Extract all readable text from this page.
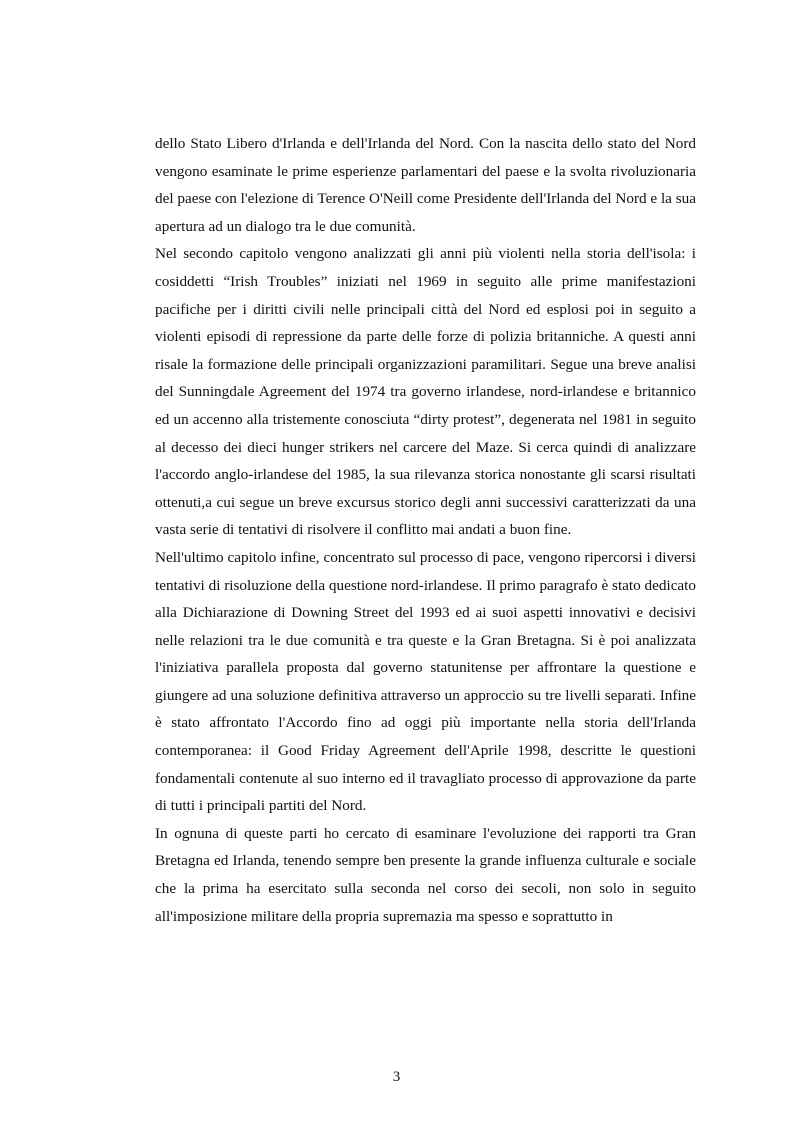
dello Stato Libero d'Irlanda e dell'Irlanda del Nord. Con la nascita dello stato del Nord vengono esaminate le prime esperienze parlamentari del paese e la svolta rivoluzionaria del paese con l'elezione di Terence O'Neill come Presidente dell'Irlanda del Nord e la sua apertura ad un dialogo tra le due comunità.

Nel secondo capitolo vengono analizzati gli anni più violenti nella storia dell'isola: i cosiddetti “Irish Troubles” iniziati nel 1969 in seguito alle prime manifestazioni pacifiche per i diritti civili nelle principali città del Nord ed esplosi poi in seguito a violenti episodi di repressione da parte delle forze di polizia britanniche. A questi anni risale la formazione delle principali organizzazioni paramilitari. Segue una breve analisi del Sunningdale Agreement del 1974 tra governo irlandese, nord-irlandese e britannico ed un accenno alla tristemente conosciuta “dirty protest”, degenerata nel 1981 in seguito al decesso dei dieci hunger strikers nel carcere del Maze. Si cerca quindi di analizzare l'accordo anglo-irlandese del 1985, la sua rilevanza storica nonostante gli scarsi risultati ottenuti,a cui segue un breve excursus storico degli anni successivi caratterizzati da una vasta serie di tentativi di risolvere il conflitto mai andati a buon fine.

Nell'ultimo capitolo infine, concentrato sul processo di pace, vengono ripercorsi i diversi tentativi di risoluzione della questione nord-irlandese. Il primo paragrafo è stato dedicato alla Dichiarazione di Downing Street del 1993 ed ai suoi aspetti innovativi e decisivi nelle relazioni tra le due comunità e tra queste e la Gran Bretagna. Si è poi analizzata l'iniziativa parallela proposta dal governo statunitense per affrontare la questione e giungere ad una soluzione definitiva attraverso un approccio su tre livelli separati. Infine è stato affrontato l'Accordo fino ad oggi più importante nella storia dell'Irlanda contemporanea: il Good Friday Agreement dell'Aprile 1998, descritte le questioni fondamentali contenute al suo interno ed il travagliato processo di approvazione da parte di tutti i principali partiti del Nord.

In ognuna di queste parti ho cercato di esaminare l'evoluzione dei rapporti tra Gran Bretagna ed Irlanda, tenendo sempre ben presente la grande influenza culturale e sociale che la prima ha esercitato sulla seconda nel corso dei secoli, non solo in seguito all'imposizione militare della propria supremazia ma spesso e soprattutto in

3
